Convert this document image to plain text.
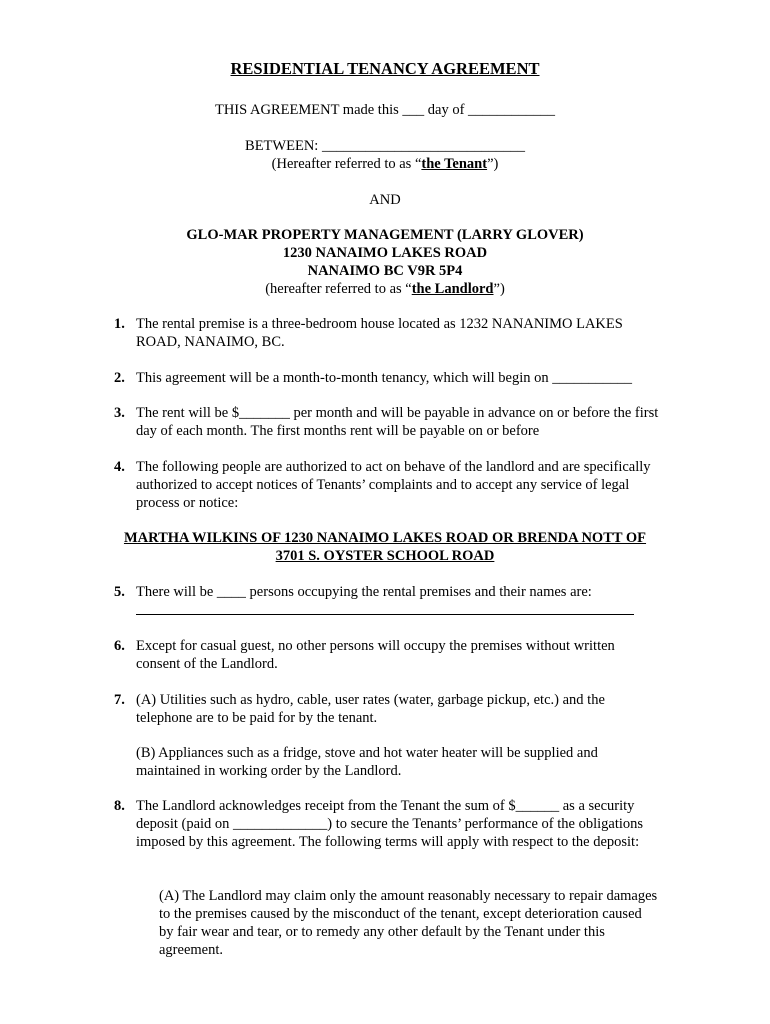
RESIDENTIAL TENANCY AGREEMENT
THIS AGREEMENT made this ___ day of ____________
BETWEEN: ____________________________
(Hereafter referred to as “the Tenant”)
AND
GLO-MAR PROPERTY MANAGEMENT (LARRY GLOVER)
1230 NANAIMO LAKES ROAD
NANAIMO BC V9R 5P4
(hereafter referred to as “the Landlord”)
1. The rental premise is a three-bedroom house located as 1232 NANANIMO LAKES ROAD, NANAIMO, BC.
2. This agreement will be a month-to-month tenancy, which will begin on ___________
3. The rent will be $_______ per month and will be payable in advance on or before the first day of each month. The first months rent will be payable on or before
4. The following people are authorized to act on behave of the landlord and are specifically authorized to accept notices of Tenants’ complaints and to accept any service of legal process or notice:
MARTHA WILKINS OF 1230 NANAIMO LAKES ROAD OR BRENDA NOTT OF 3701 S. OYSTER SCHOOL ROAD
5. There will be ____ persons occupying the rental premises and their names are:
6. Except for casual guest, no other persons will occupy the premises without written consent of the Landlord.
7. (A) Utilities such as hydro, cable, user rates (water, garbage pickup, etc.) and the telephone are to be paid for by the tenant.
(B) Appliances such as a fridge, stove and hot water heater will be supplied and maintained in working order by the Landlord.
8. The Landlord acknowledges receipt from the Tenant the sum of $______ as a security deposit (paid on _____________) to secure the Tenants’ performance of the obligations imposed by this agreement. The following terms will apply with respect to the deposit:
(A) The Landlord may claim only the amount reasonably necessary to repair damages to the premises caused by the misconduct of the tenant, except deterioration caused by fair wear and tear, or to remedy any other default by the Tenant under this agreement.
